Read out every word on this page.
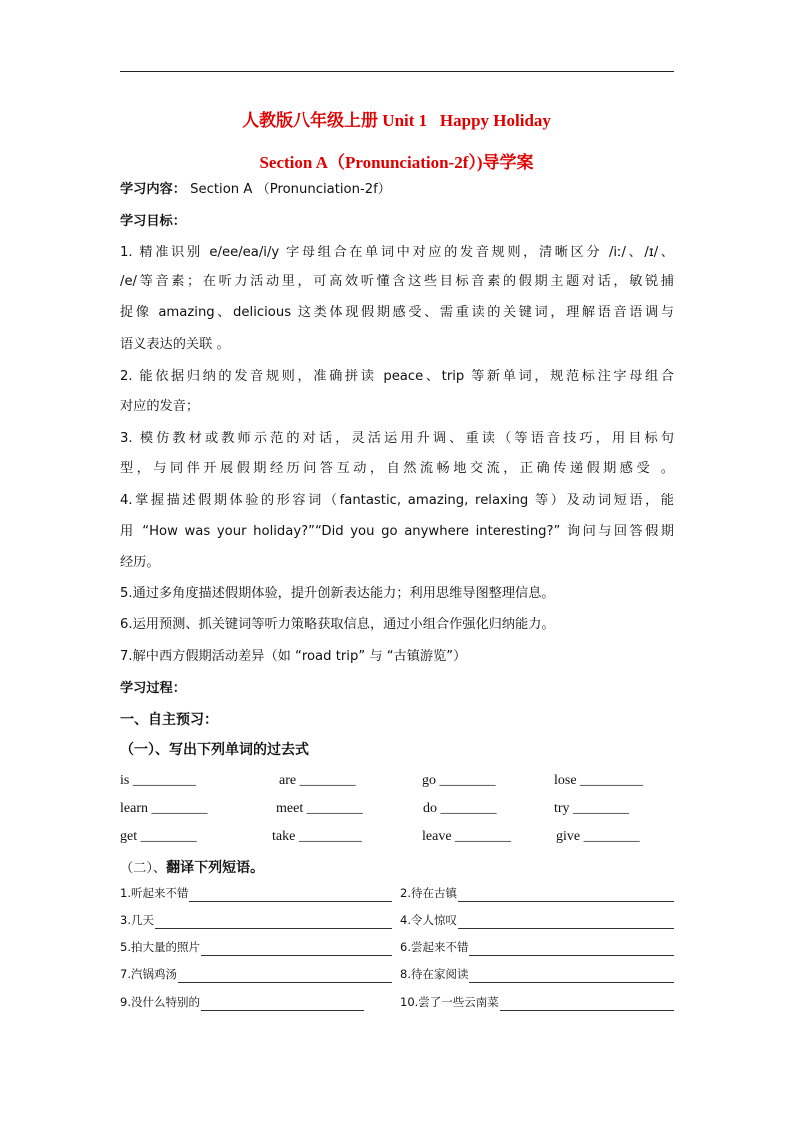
人教版八年级上册 Unit 1   Happy Holiday
Section A（Pronunciation-2f）)导学案
学习内容： Section A （Pronunciation-2f）
学习目标：
1. 精准识别 e/ee/ea/i/y 字母组合在单词中对应的发音规则，清晰区分 /iː/、/ɪ/、
/e/等音素；在听力活动里，可高效听懂含这些目标音素的假期主题对话，敏锐捕
捉像 amazing、delicious 这类体现假期感受、需重读的关键词，理解语音语调与
语义表达的关联 。
2. 能依据归纳的发音规则，准确拼读 peace、trip 等新单词，规范标注字母组合
对应的发音；
3. 模仿教材或教师示范的对话，灵活运用升调、重读（等语音技巧，用目标句
型，与同伴开展假期经历问答互动，自然流畅地交流，正确传递假期感受 。
4.掌握描述假期体验的形容词（fantastic, amazing, relaxing 等）及动词短语，能
用 “How was your holiday?”“Did you go anywhere interesting?” 询问与回答假期
经历。
5.通过多角度描述假期体验，提升创新表达能力；利用思维导图整理信息。
6.运用预测、抓关键词等听力策略获取信息，通过小组合作强化归纳能力。
7.解中西方假期活动差异（如 “road trip” 与 “古镇游览”）
学习过程：
一、自主预习：
（一）、写出下列单词的过去式
is _________	are ________	go ________	lose _________
learn ________	meet ________	do ________	try ________
get ________	take _________	leave ________	give ________
（二）、翻译下列短语。
1.听起来不错	2.待在古镇
3.几天	4.令人惊叹
5.拍大量的照片	6.尝起来不错
7.汽锅鸡汤	8.待在家阅读
9.没什么特别的	10.尝了一些云南菜
